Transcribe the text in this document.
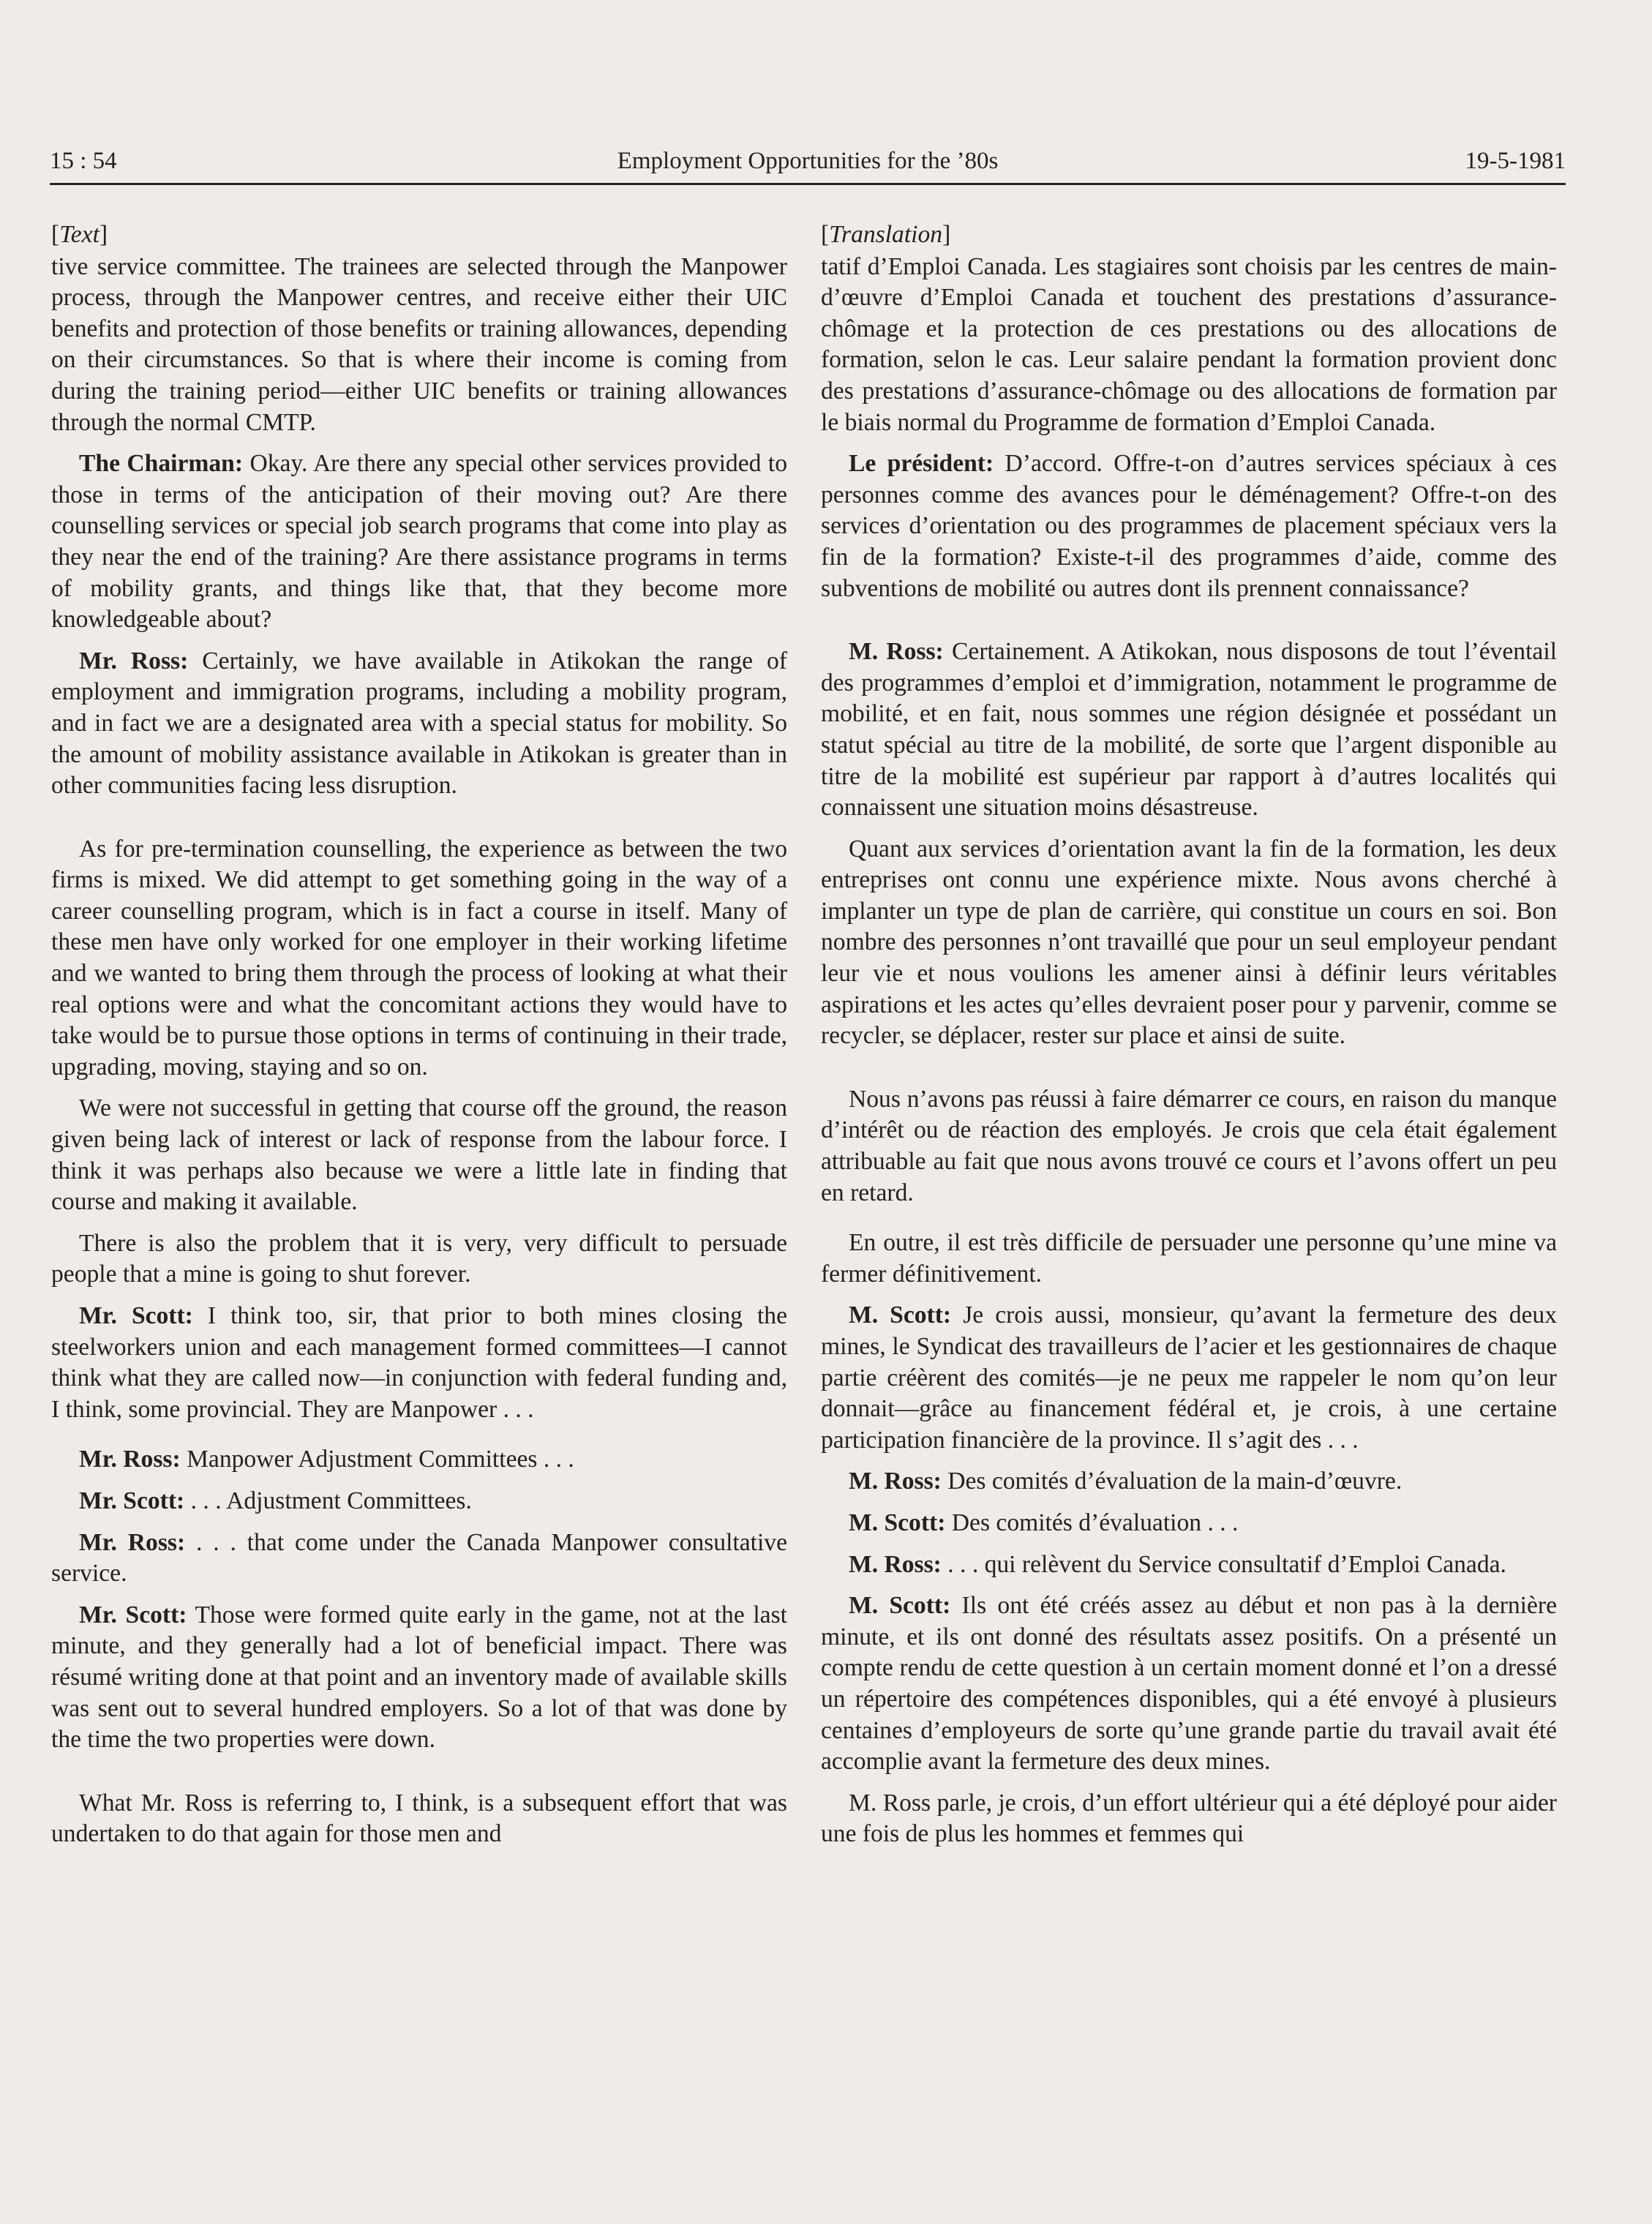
15 : 54	Employment Opportunities for the ’80s	19-5-1981
[ Text ]

tive service committee. The trainees are selected through the Manpower process, through the Manpower centres, and receive either their UIC benefits and protection of those benefits or training allowances, depending on their circumstances. So that is where their income is coming from during the training period—either UIC benefits or training allowances through the normal CMTP.

The Chairman: Okay. Are there any special other services provided to those in terms of the anticipation of their moving out? Are there counselling services or special job search programs that come into play as they near the end of the training? Are there assistance programs in terms of mobility grants, and things like that, that they become more knowledgeable about?

Mr. Ross: Certainly, we have available in Atikokan the range of employment and immigration programs, including a mobility program, and in fact we are a designated area with a special status for mobility. So the amount of mobility assistance available in Atikokan is greater than in other communities facing less disruption.

As for pre-termination counselling, the experience as between the two firms is mixed. We did attempt to get something going in the way of a career counselling program, which is in fact a course in itself. Many of these men have only worked for one employer in their working lifetime and we wanted to bring them through the process of looking at what their real options were and what the concomitant actions they would have to take would be to pursue those options in terms of continuing in their trade, upgrading, moving, staying and so on.

We were not successful in getting that course off the ground, the reason given being lack of interest or lack of response from the labour force. I think it was perhaps also because we were a little late in finding that course and making it available.

There is also the problem that it is very, very difficult to persuade people that a mine is going to shut forever.

Mr. Scott: I think too, sir, that prior to both mines closing the steelworkers union and each management formed committees—I cannot think what they are called now—in conjunction with federal funding and, I think, some provincial. They are Manpower . . .

Mr. Ross: Manpower Adjustment Committees . . .

Mr. Scott: . . . Adjustment Committees.

Mr. Ross: . . . that come under the Canada Manpower consultative service.

Mr. Scott: Those were formed quite early in the game, not at the last minute, and they generally had a lot of beneficial impact. There was résumé writing done at that point and an inventory made of available skills was sent out to several hundred employers. So a lot of that was done by the time the two properties were down.

What Mr. Ross is referring to, I think, is a subsequent effort that was undertaken to do that again for those men and

[ Translation ]

tatif d’Emploi Canada. Les stagiaires sont choisis par les centres de main-d’œuvre d’Emploi Canada et touchent des prestations d’assurance-chômage et la protection de ces prestations ou des allocations de formation, selon le cas. Leur salaire pendant la formation provient donc des prestations d’assurance-chômage ou des allocations de formation par le biais normal du Programme de formation d’Emploi Canada.

Le président: D’accord. Offre-t-on d’autres services spéciaux à ces personnes comme des avances pour le déménagement? Offre-t-on des services d’orientation ou des programmes de placement spéciaux vers la fin de la formation? Existe-t-il des programmes d’aide, comme des subventions de mobilité ou autres dont ils prennent connaissance?

M. Ross: Certainement. A Atikokan, nous disposons de tout l’éventail des programmes d’emploi et d’immigration, notamment le programme de mobilité, et en fait, nous sommes une région désignée et possédant un statut spécial au titre de la mobilité, de sorte que l’argent disponible au titre de la mobilité est supérieur par rapport à d’autres localités qui connaissent une situation moins désastreuse.

Quant aux services d’orientation avant la fin de la formation, les deux entreprises ont connu une expérience mixte. Nous avons cherché à implanter un type de plan de carrière, qui constitue un cours en soi. Bon nombre des personnes n’ont travaillé que pour un seul employeur pendant leur vie et nous voulions les amener ainsi à définir leurs véritables aspirations et les actes qu’elles devraient poser pour y parvenir, comme se recycler, se déplacer, rester sur place et ainsi de suite.

Nous n’avons pas réussi à faire démarrer ce cours, en raison du manque d’intérêt ou de réaction des employés. Je crois que cela était également attribuable au fait que nous avons trouvé ce cours et l’avons offert un peu en retard.

En outre, il est très difficile de persuader une personne qu’une mine va fermer définitivement.

M. Scott: Je crois aussi, monsieur, qu’avant la fermeture des deux mines, le Syndicat des travailleurs de l’acier et les gestionnaires de chaque partie créèrent des comités—je ne peux me rappeler le nom qu’on leur donnait—grâce au financement fédéral et, je crois, à une certaine participation financière de la province. Il s’agit des . . .

M. Ross: Des comités d’évaluation de la main-d’œuvre.

M. Scott: Des comités d’évaluation . . .

M. Ross: . . . qui relèvent du Service consultatif d’Emploi Canada.

M. Scott: Ils ont été créés assez au début et non pas à la dernière minute, et ils ont donné des résultats assez positifs. On a présenté un compte rendu de cette question à un certain moment donné et l’on a dressé un répertoire des compétences disponibles, qui a été envoyé à plusieurs centaines d’employeurs de sorte qu’une grande partie du travail avait été accomplie avant la fermeture des deux mines.

M. Ross parle, je crois, d’un effort ultérieur qui a été déployé pour aider une fois de plus les hommes et femmes qui
